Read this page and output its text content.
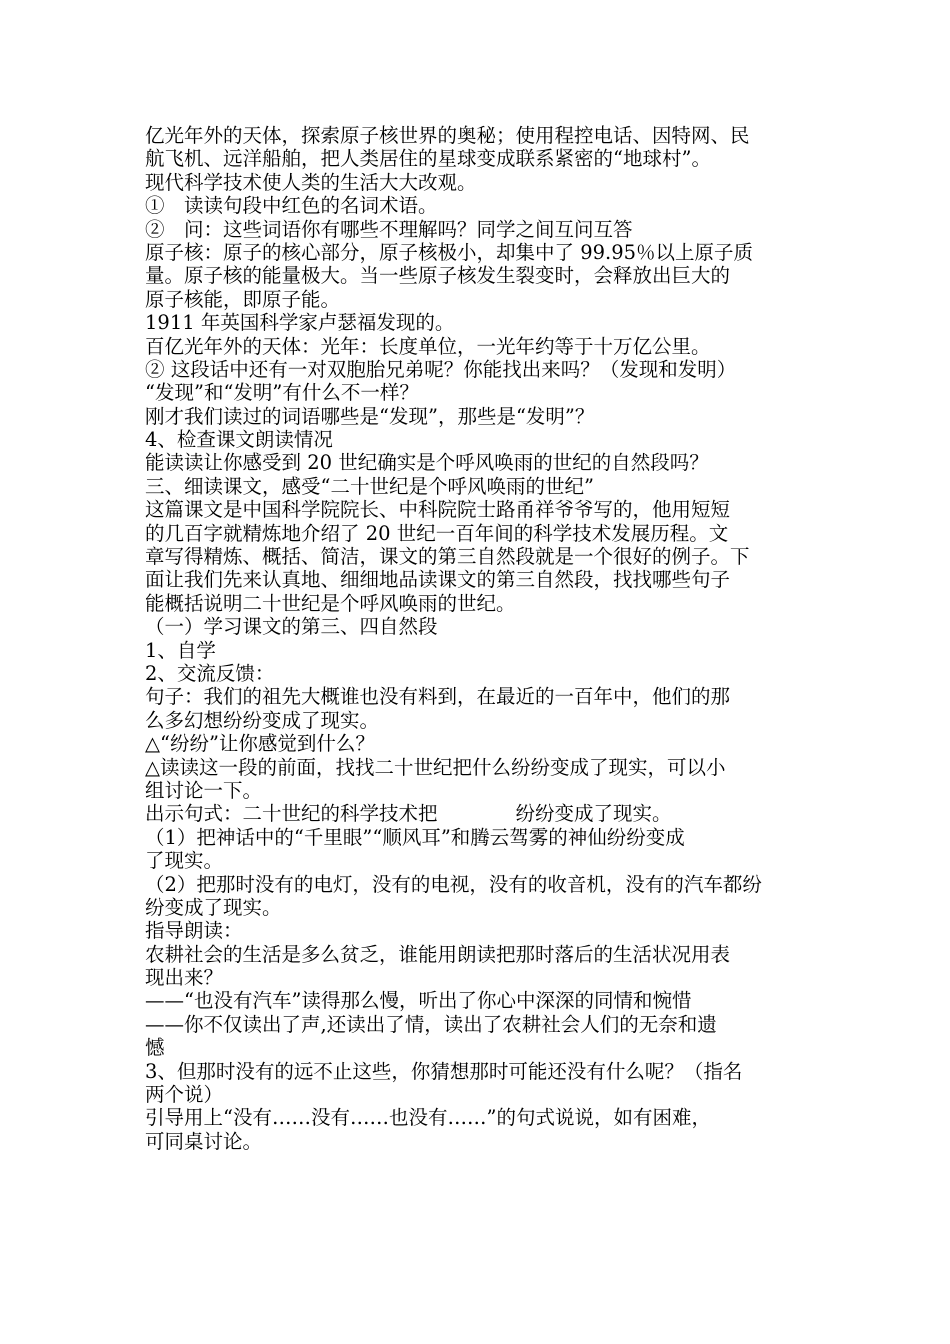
亿光年外的天体，探索原子核世界的奥秘；使用程控电话、因特网、民
航飞机、远洋船舶，把人类居住的星球变成联系紧密的“地球村”。
现代科学技术使人类的生活大大改观。
①　读读句段中红色的名词术语。
②　问：这些词语你有哪些不理解吗？同学之间互问互答
原子核：原子的核心部分，原子核极小，却集中了 99.95％以上原子质
量。原子核的能量极大。当一些原子核发生裂变时，会释放出巨大的
原子核能，即原子能。
1911 年英国科学家卢瑟福发现的。
百亿光年外的天体：光年：长度单位，一光年约等于十万亿公里。
② 这段话中还有一对双胞胎兄弟呢？你能找出来吗？（发现和发明）
“发现”和“发明”有什么不一样？
刚才我们读过的词语哪些是“发现”，那些是“发明”？
4、检查课文朗读情况
能读读让你感受到 20 世纪确实是个呼风唤雨的世纪的自然段吗？
三、细读课文，感受“二十世纪是个呼风唤雨的世纪”
这篇课文是中国科学院院长、中科院院士路甬祥爷爷写的，他用短短
的几百字就精炼地介绍了 20 世纪一百年间的科学技术发展历程。文
章写得精炼、概括、简洁，课文的第三自然段就是一个很好的例子。下
面让我们先来认真地、细细地品读课文的第三自然段，找找哪些句子
能概括说明二十世纪是个呼风唤雨的世纪。
（一）学习课文的第三、四自然段
1、自学
2、交流反馈：
句子：我们的祖先大概谁也没有料到，在最近的一百年中，他们的那
么多幻想纷纷变成了现实。
△“纷纷”让你感觉到什么？
△读读这一段的前面，找找二十世纪把什么纷纷变成了现实，可以小
组讨论一下。
出示句式：二十世纪的科学技术把　　　　纷纷变成了现实。
（1）把神话中的“千里眼”“顺风耳”和腾云驾雾的神仙纷纷变成
了现实。
（2）把那时没有的电灯，没有的电视，没有的收音机，没有的汽车都纷
纷变成了现实。
指导朗读：
农耕社会的生活是多么贫乏，谁能用朗读把那时落后的生活状况用表
现出来？
——“也没有汽车”读得那么慢，听出了你心中深深的同情和惋惜
——你不仅读出了声,还读出了情，读出了农耕社会人们的无奈和遗
憾
3、但那时没有的远不止这些，你猜想那时可能还没有什么呢？（指名
两个说）
引导用上“没有……没有……也没有……”的句式说说，如有困难，
可同桌讨论。
